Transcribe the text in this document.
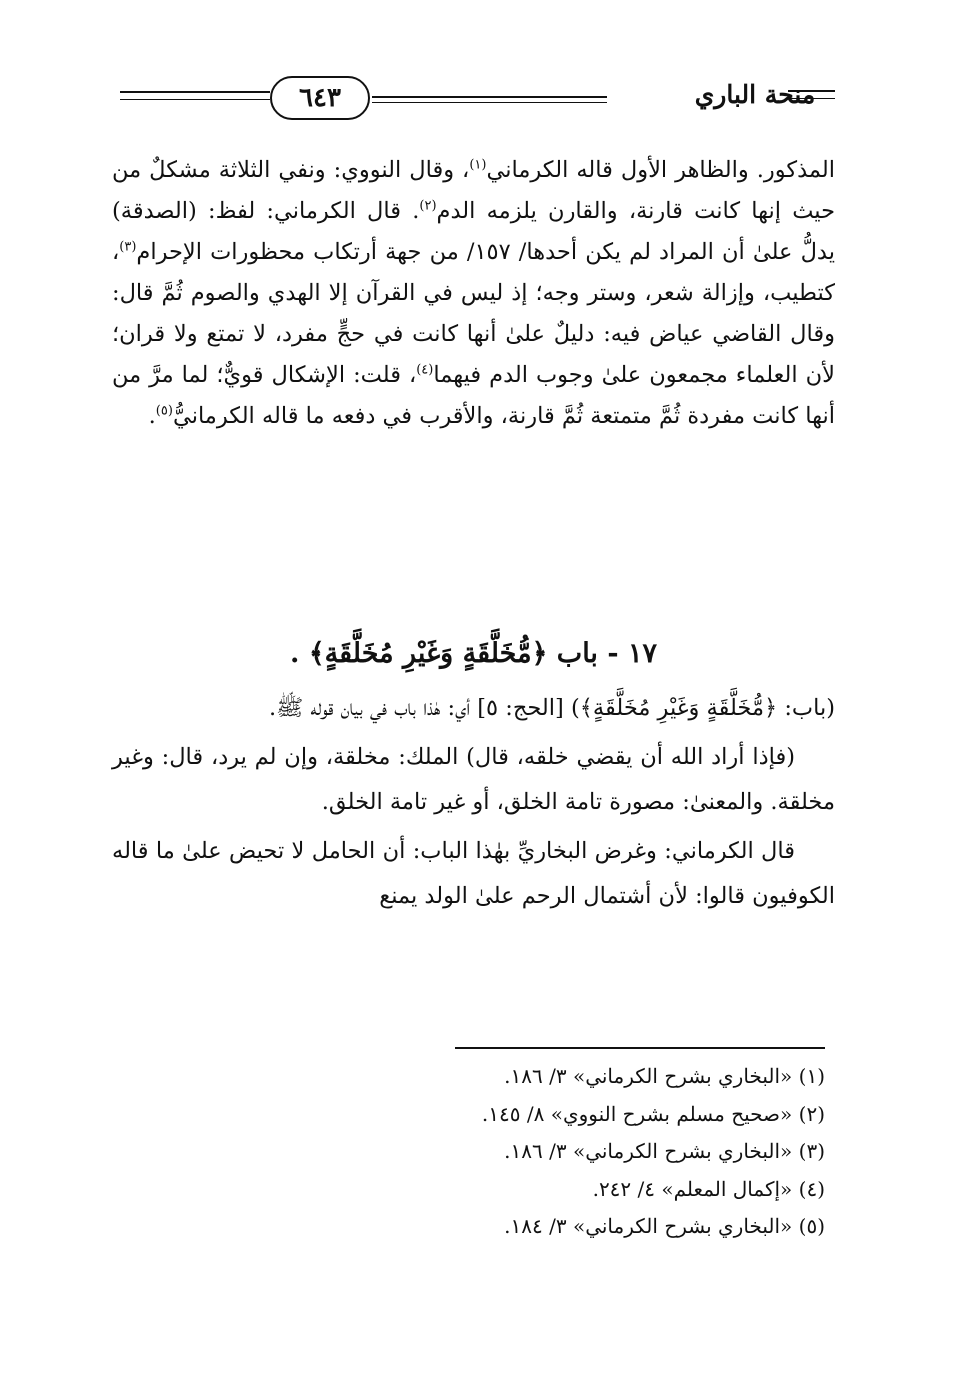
٦٤٣	منحة الباري

المذكور. والظاهر الأول قاله الكرماني$^{(١)}$، وقال النووي: ونفي الثلاثة مشكلٌ من حيث إنها كانت قارنة، والقارن يلزمه الدم$^{(٢)}$. قال الكرماني: لفظ: (الصدقة) يدلُّ علىٰ أن المراد لم يكن أحدها/ ١٥٧/ من جهة أرتكاب محظورات الإحرام$^{(٣)}$، كتطيب، وإزالة شعر، وستر وجه؛ إذ ليس في القرآن إلا الهدي والصوم ثُمَّ قال: وقال القاضي عياض فيه: دليلٌ علىٰ أنها كانت في حجٍّ مفرد، لا تمتع ولا قران؛ لأن العلماء مجمعون علىٰ وجوب الدم فيهما$^{(٤)}$، قلت: الإشكال قويٌّ؛ لما مرَّ من أنها كانت مفردة ثُمَّ متمتعة ثُمَّ قارنة، والأقرب في دفعه ما قاله الكرمانيُّ$^{(٥)}$.

١٧ - باب ﴿مُّخَلَّقَةٍ وَغَيْرِ مُخَلَّقَةٍ﴾ .

(باب: ﴿مُّخَلَّقَةٍ وَغَيْرِ مُخَلَّقَةٍ﴾) [الحج: ٥] أي: هٰذا باب في بيان قوله ﷺ.

(فإذا أراد الله أن يقضي خلقه، قال) الملك: مخلقة، وإن لم يرد، قال: وغير مخلقة. والمعنىٰ: مصورة تامة الخلق، أو غير تامة الخلق.

قال الكرماني: وغرض البخاريِّ بهٰذا الباب: أن الحامل لا تحيض علىٰ ما قاله الكوفيون قالوا: لأن أشتمال الرحم علىٰ الولد يمنع

(١) «البخاري بشرح الكرماني» ٣/ ١٨٦.
(٢) «صحيح مسلم بشرح النووي» ٨/ ١٤٥.
(٣) «البخاري بشرح الكرماني» ٣/ ١٨٦.
(٤) «إكمال المعلم» ٤/ ٢٤٢.
(٥) «البخاري بشرح الكرماني» ٣/ ١٨٤.
